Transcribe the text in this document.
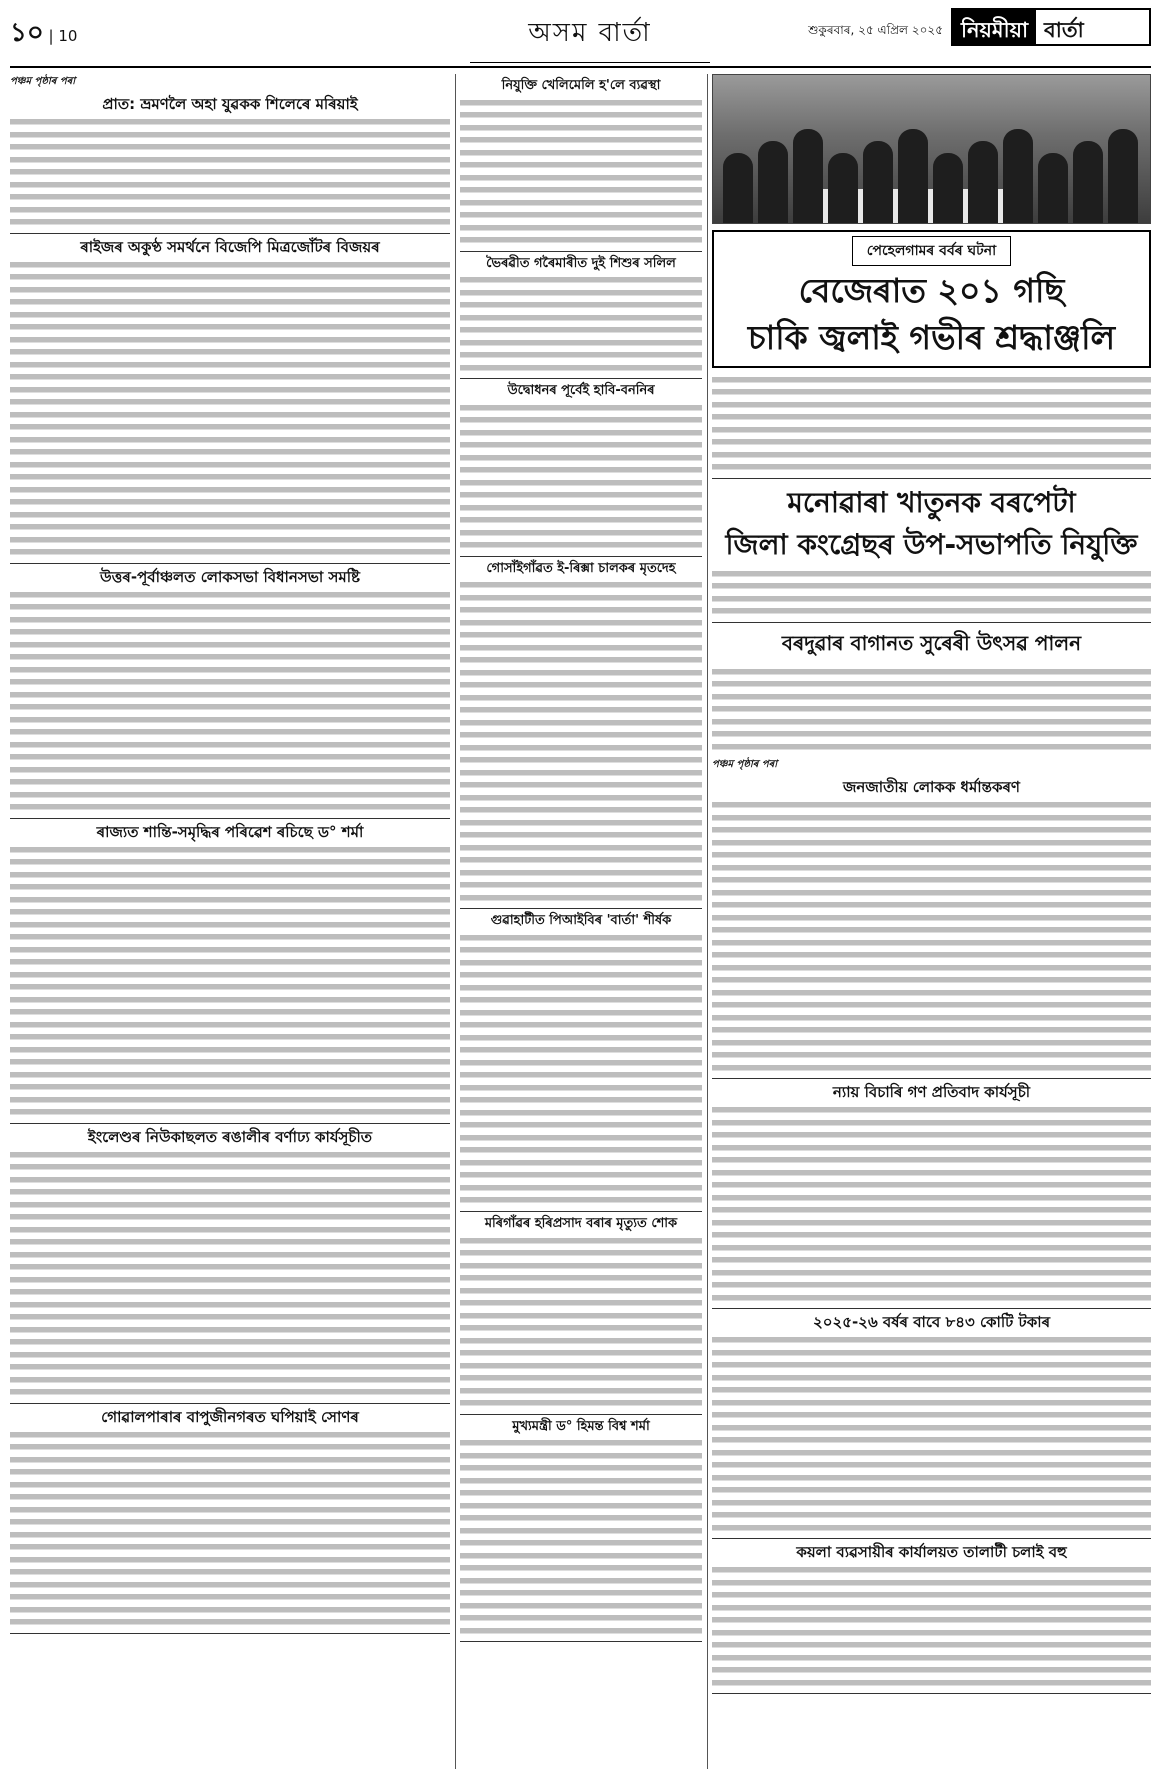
১০ | 10	অসম বাৰ্তা	শুকুৰবাৰ, ২৫ এপ্ৰিল ২০২৫ নিয়মীয়া বাৰ্তা
পঞ্চম পৃষ্ঠাৰ পৰা
প্ৰাত: ভ্ৰমণলৈ অহা যুৱকক শিলেৰে মৰিয়াই
ৰাইজৰ অকুণ্ঠ সমৰ্থনে বিজেপি মিত্ৰজোঁটৰ বিজয়ৰ
উত্তৰ-পূৰ্বাঞ্চলত লোকসভা বিধানসভা সমষ্টি
ৰাজ্যত শান্তি-সমৃদ্ধিৰ পৰিৱেশ ৰচিছে ড° শৰ্মা
ইংলেণ্ডৰ নিউকাছলত ৰঙালীৰ বৰ্ণাঢ্য কাৰ্যসূচীত
গোৱালপাৰাৰ বাপুজীনগৰত ঘপিয়াই সোণৰ
নিযুক্তি খেলিমেলি হ'লে ব্যৱস্থা
ভৈৰৱীত গৰৈমাৰীত দুই শিশুৰ সলিল
উদ্বোধনৰ পূৰ্বেই হাবি-বননিৰ
গোসাঁইগাঁৱত ই-ৰিক্সা চালকৰ মৃতদেহ
গুৱাহাটীত পিআইবিৰ 'বাৰ্তা' শীৰ্ষক
মৰিগাঁৱৰ হৰিপ্ৰসাদ বৰাৰ মৃত্যুত শোক
মুখ্যমন্ত্ৰী ড° হিমন্ত বিশ্ব শৰ্মা
পেহেলগামৰ বৰ্বৰ ঘটনা
বেজেৰাত ২০১ গছি
চাকি জ্বলাই গভীৰ শ্ৰদ্ধাঞ্জলি
মনোৱাৰা খাতুনক বৰপেটা
জিলা কংগ্ৰেছৰ উপ-সভাপতি নিযুক্তি
বৰদুৱাৰ বাগানত সুৰেৰী উৎসৱ পালন
পঞ্চম পৃষ্ঠাৰ পৰা
জনজাতীয় লোকক ধৰ্মান্তকৰণ
ন্যায় বিচাৰি গণ প্ৰতিবাদ কাৰ্যসূচী
২০২৫-২৬ বৰ্ষৰ বাবে ৮৪৩ কোটি টকাৰ
কয়লা ব্যৱসায়ীৰ কাৰ্যালয়ত তালাটী চলাই বহু
